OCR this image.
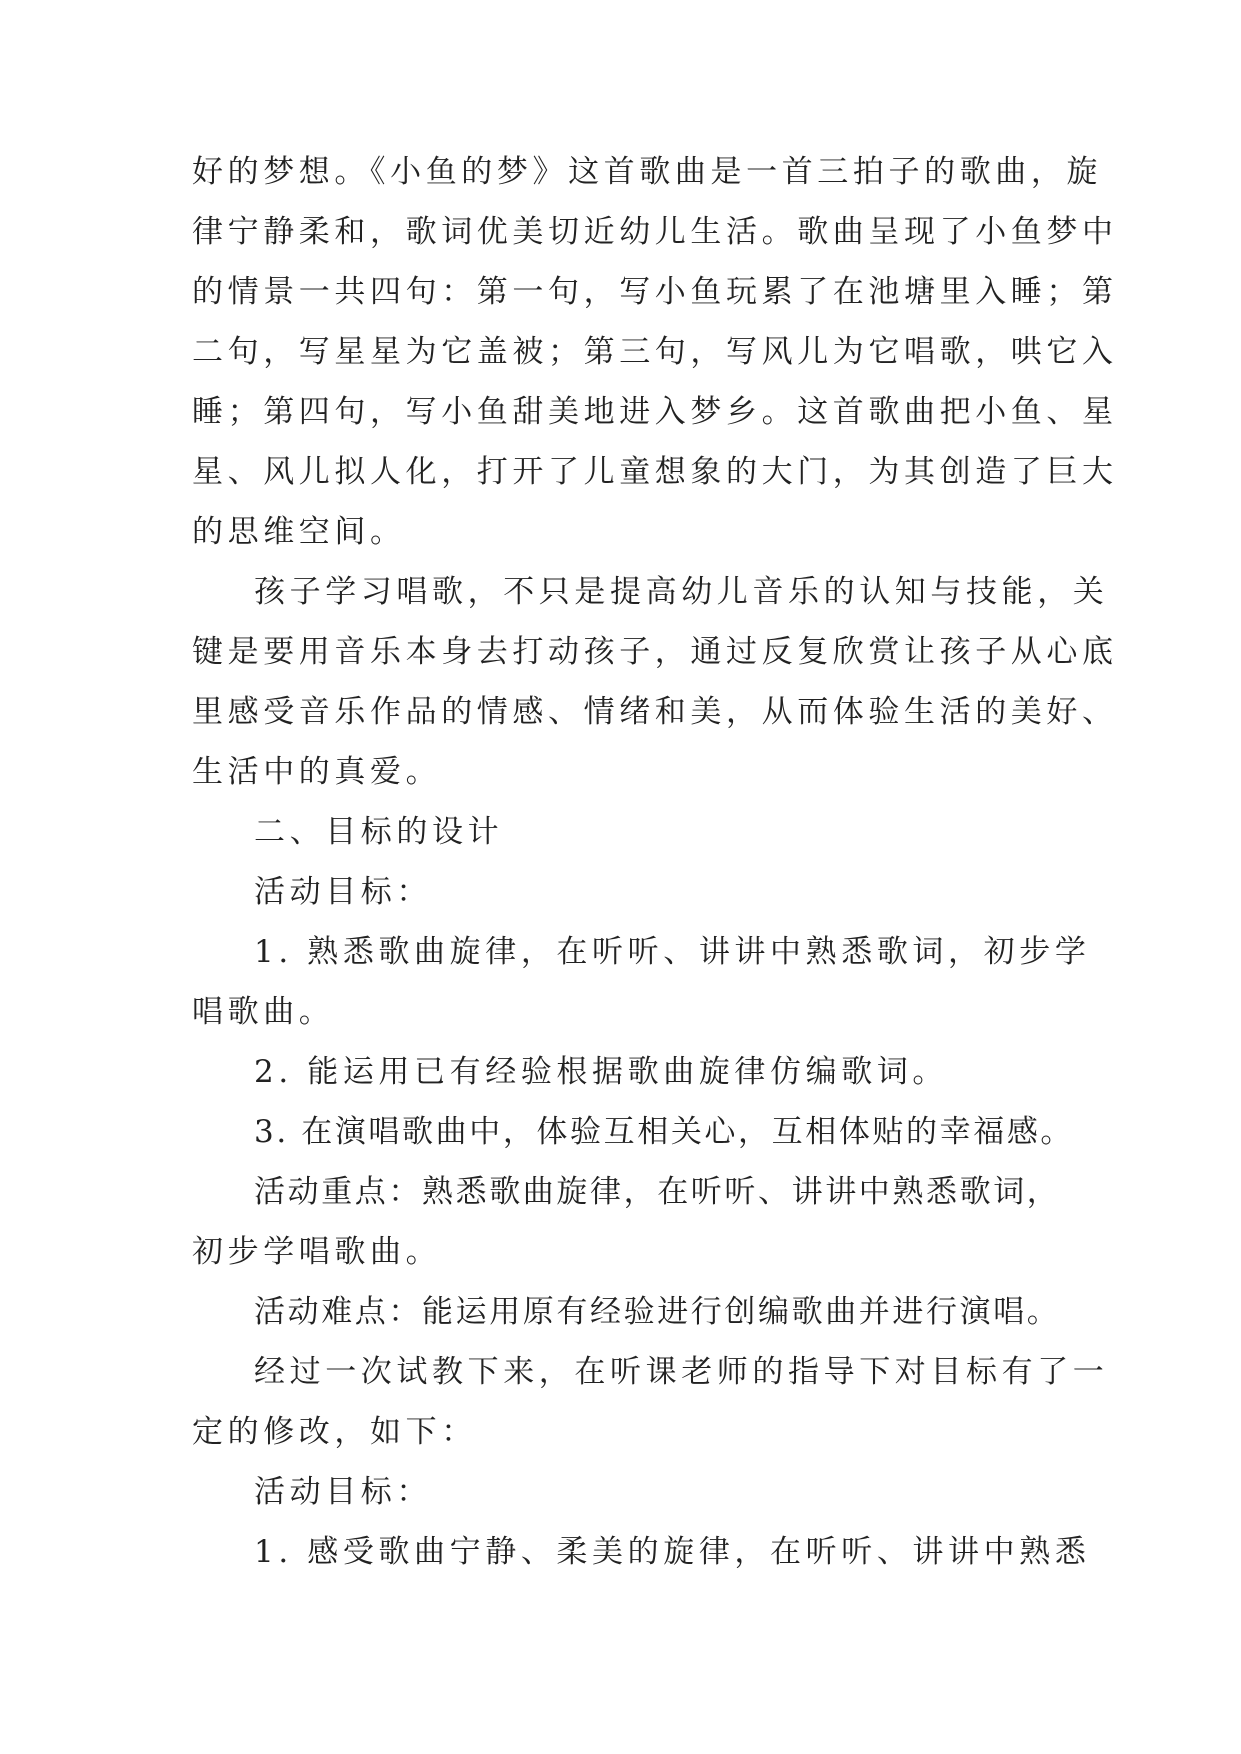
好的梦想。《小鱼的梦》这首歌曲是一首三拍子的歌曲，旋
律宁静柔和，歌词优美切近幼儿生活。歌曲呈现了小鱼梦中
的情景一共四句：第一句，写小鱼玩累了在池塘里入睡；第
二句，写星星为它盖被；第三句，写风儿为它唱歌，哄它入
睡；第四句，写小鱼甜美地进入梦乡。这首歌曲把小鱼、星
星、风儿拟人化，打开了儿童想象的大门，为其创造了巨大
的思维空间。
孩子学习唱歌，不只是提高幼儿音乐的认知与技能，关
键是要用音乐本身去打动孩子，通过反复欣赏让孩子从心底
里感受音乐作品的情感、情绪和美，从而体验生活的美好、
生活中的真爱。
二、目标的设计
活动目标：
1. 熟悉歌曲旋律，在听听、讲讲中熟悉歌词，初步学
唱歌曲。
2. 能运用已有经验根据歌曲旋律仿编歌词。
3. 在演唱歌曲中，体验互相关心，互相体贴的幸福感。
活动重点：熟悉歌曲旋律，在听听、讲讲中熟悉歌词，
初步学唱歌曲。
活动难点：能运用原有经验进行创编歌曲并进行演唱。
经过一次试教下来，在听课老师的指导下对目标有了一
定的修改，如下：
活动目标：
1. 感受歌曲宁静、柔美的旋律，在听听、讲讲中熟悉
